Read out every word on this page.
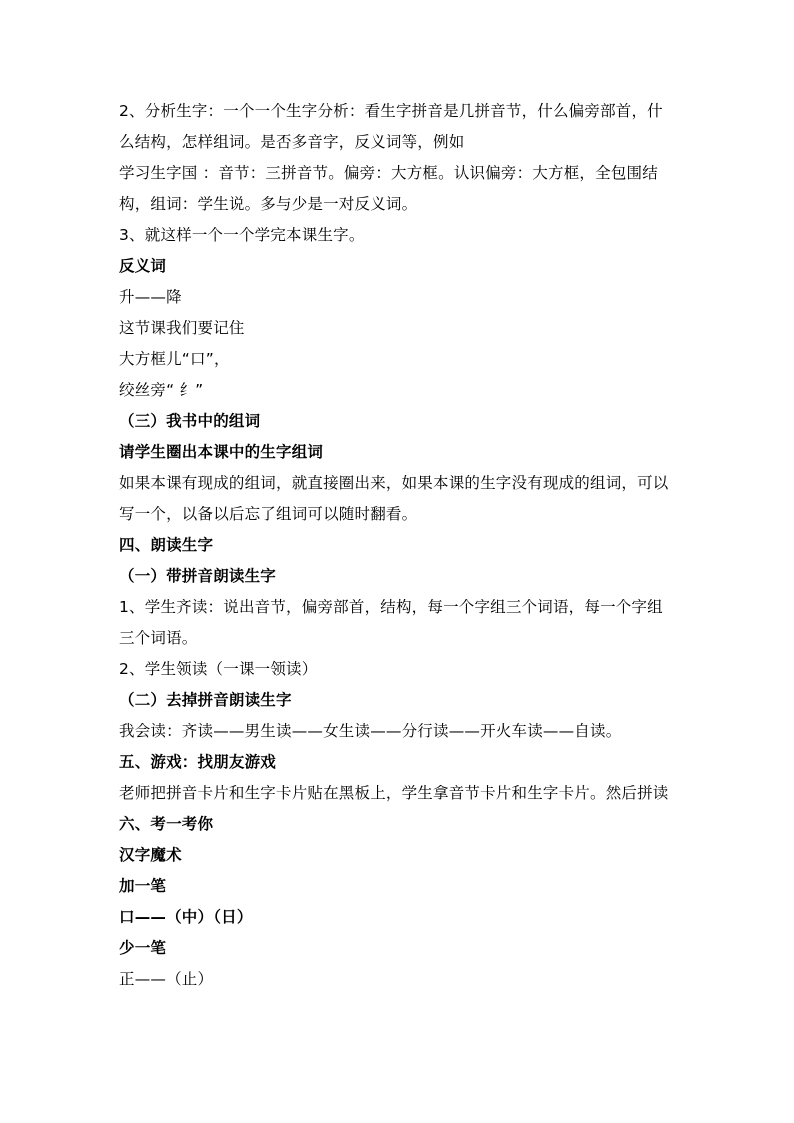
2、分析生字：一个一个生字分析：看生字拼音是几拼音节，什么偏旁部首，什
么结构，怎样组词。是否多音字，反义词等，例如
学习生字国 ：音节：三拼音节。偏旁：大方框。认识偏旁：大方框，全包围结
构，组词：学生说。多与少是一对反义词。
3、就这样一个一个学完本课生字。
反义词
升——降
这节课我们要记住
大方框儿“口”，
绞丝旁“ 纟”
（三）我书中的组词
请学生圈出本课中的生字组词
如果本课有现成的组词，就直接圈出来，如果本课的生字没有现成的组词，可以
写一个，以备以后忘了组词可以随时翻看。
四、朗读生字
（一）带拼音朗读生字
1、学生齐读：说出音节，偏旁部首，结构，每一个字组三个词语，每一个字组
三个词语。
2、学生领读（一课一领读）
（二）去掉拼音朗读生字
我会读：齐读——男生读——女生读——分行读——开火车读——自读。
五、游戏：找朋友游戏
老师把拼音卡片和生字卡片贴在黑板上，学生拿音节卡片和生字卡片。然后拼读
六、考一考你
汉字魔术
加一笔
口——（中）（日）
少一笔
正——（止）
